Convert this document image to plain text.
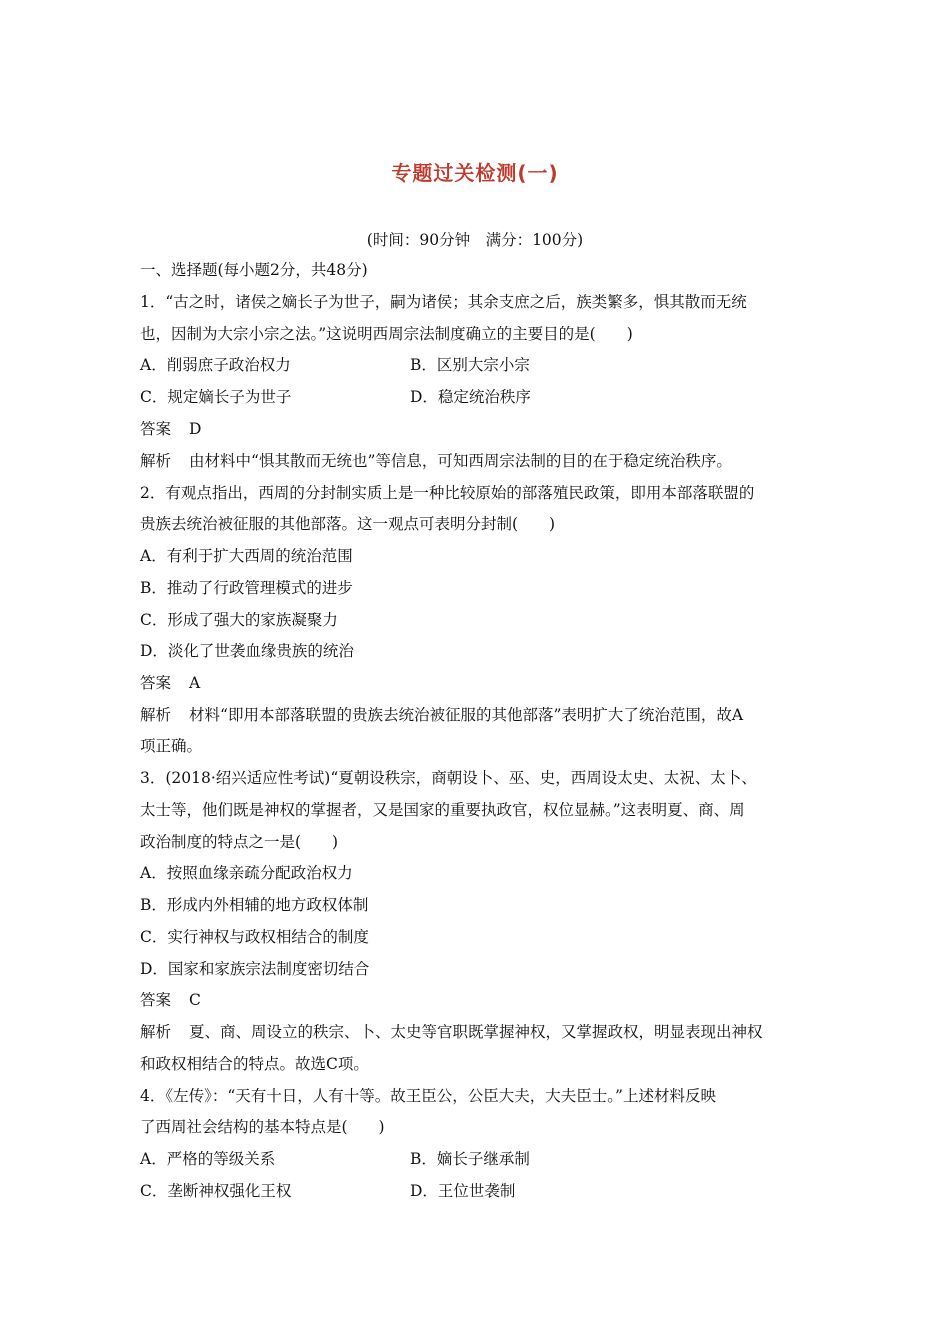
专题过关检测(一)
(时间：90分钟　满分：100分)
一、选择题(每小题2分，共48分)
1．“古之时，诸侯之嫡长子为世子，嗣为诸侯；其余支庶之后，族类繁多，惧其散而无统
也，因制为大宗小宗之法。”这说明西周宗法制度确立的主要目的是(　　)
A．削弱庶子政治权力	B．区别大宗小宗
C．规定嫡长子为世子	D．稳定统治秩序
答案 D
解析 由材料中“惧其散而无统也”等信息，可知西周宗法制的目的在于稳定统治秩序。
2．有观点指出，西周的分封制实质上是一种比较原始的部落殖民政策，即用本部落联盟的
贵族去统治被征服的其他部落。这一观点可表明分封制(　　)
A．有利于扩大西周的统治范围
B．推动了行政管理模式的进步
C．形成了强大的家族凝聚力
D．淡化了世袭血缘贵族的统治
答案 A
解析 材料“即用本部落联盟的贵族去统治被征服的其他部落”表明扩大了统治范围，故A
项正确。
3．(2018·绍兴适应性考试)“夏朝设秩宗，商朝设卜、巫、史，西周设太史、太祝、太卜、
太士等，他们既是神权的掌握者，又是国家的重要执政官，权位显赫。”这表明夏、商、周
政治制度的特点之一是(　　)
A．按照血缘亲疏分配政治权力
B．形成内外相辅的地方政权体制
C．实行神权与政权相结合的制度
D．国家和家族宗法制度密切结合
答案 C
解析 夏、商、周设立的秩宗、卜、太史等官职既掌握神权，又掌握政权，明显表现出神权
和政权相结合的特点。故选C项。
4．《左传》：“天有十日，人有十等。故王臣公，公臣大夫，大夫臣士。”上述材料反映
了西周社会结构的基本特点是(　　)
A．严格的等级关系	B．嫡长子继承制
C．垄断神权强化王权	D．王位世袭制
